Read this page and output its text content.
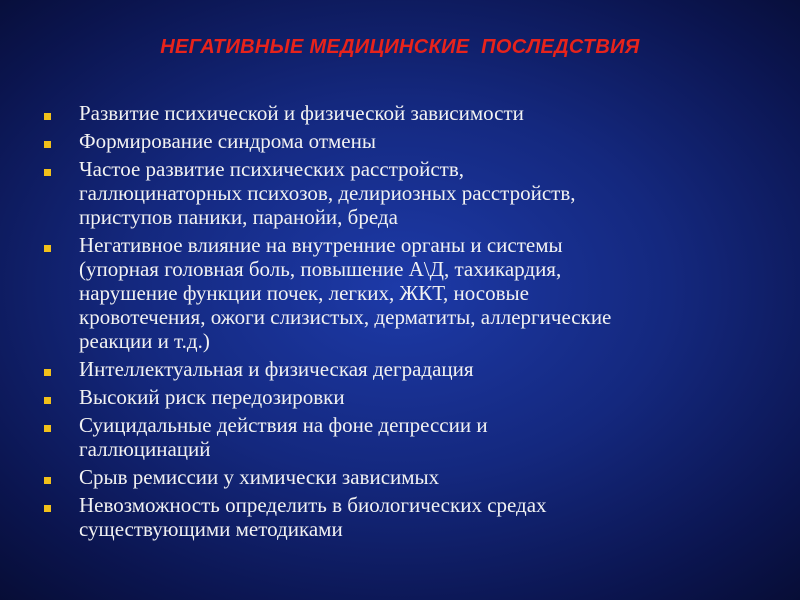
НЕГАТИВНЫЕ МЕДИЦИНСКИЕ  ПОСЛЕДСТВИЯ
Развитие психической и физической зависимости
Формирование синдрома отмены
Частое развитие психических расстройств,
галлюцинаторных психозов, делириозных расстройств,
приступов паники, паранойи, бреда
Негативное влияние на внутренние органы и системы
(упорная головная боль, повышение А\Д, тахикардия,
нарушение функции почек, легких, ЖКТ, носовые
кровотечения, ожоги слизистых, дерматиты, аллергические
реакции и т.д.)
Интеллектуальная и физическая деградация
Высокий риск передозировки
Суицидальные действия на фоне депрессии и
галлюцинаций
Срыв ремиссии у химически зависимых
Невозможность определить в биологических средах
существующими методиками
